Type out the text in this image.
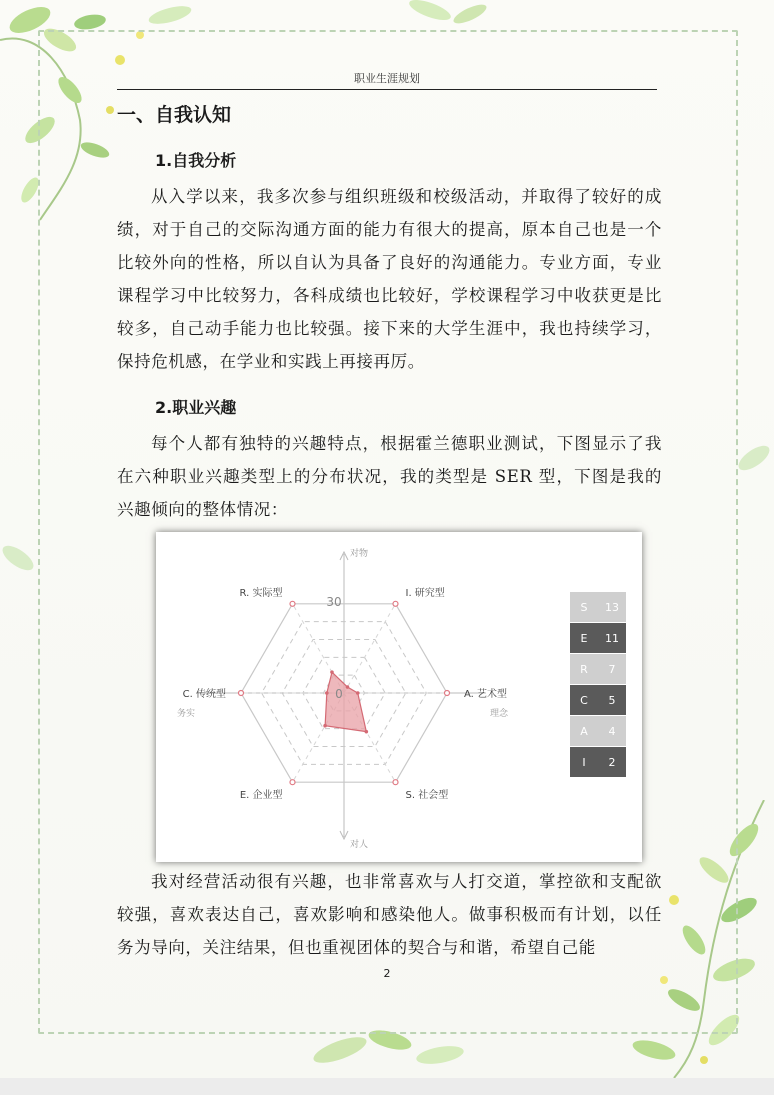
职业生涯规划
一、自我认知
1.自我分析
从入学以来，我多次参与组织班级和校级活动，并取得了较好的成绩，对于自己的交际沟通方面的能力有很大的提高，原本自己也是一个比较外向的性格，所以自认为具备了良好的沟通能力。专业方面，专业课程学习中比较努力，各科成绩也比较好，学校课程学习中收获更是比较多，自己动手能力也比较强。接下来的大学生涯中，我也持续学习，保持危机感，在学业和实践上再接再厉。
2.职业兴趣
每个人都有独特的兴趣特点，根据霍兰德职业测试，下图显示了我在六种职业兴趣类型上的分布状况，我的类型是 SER 型，下图是我的兴趣倾向的整体情况：
对物
对人
务实	理念
30
0
I. 研究型
A. 艺术型
S. 社会型
E. 企业型
C. 传统型
R. 实际型
S	13
E	11
R	7
C	5
A	4
I	2
我对经营活动很有兴趣，也非常喜欢与人打交道，掌控欲和支配欲较强，喜欢表达自己，喜欢影响和感染他人。做事积极而有计划，以任务为导向，关注结果，但也重视团体的契合与和谐，希望自己能
2
